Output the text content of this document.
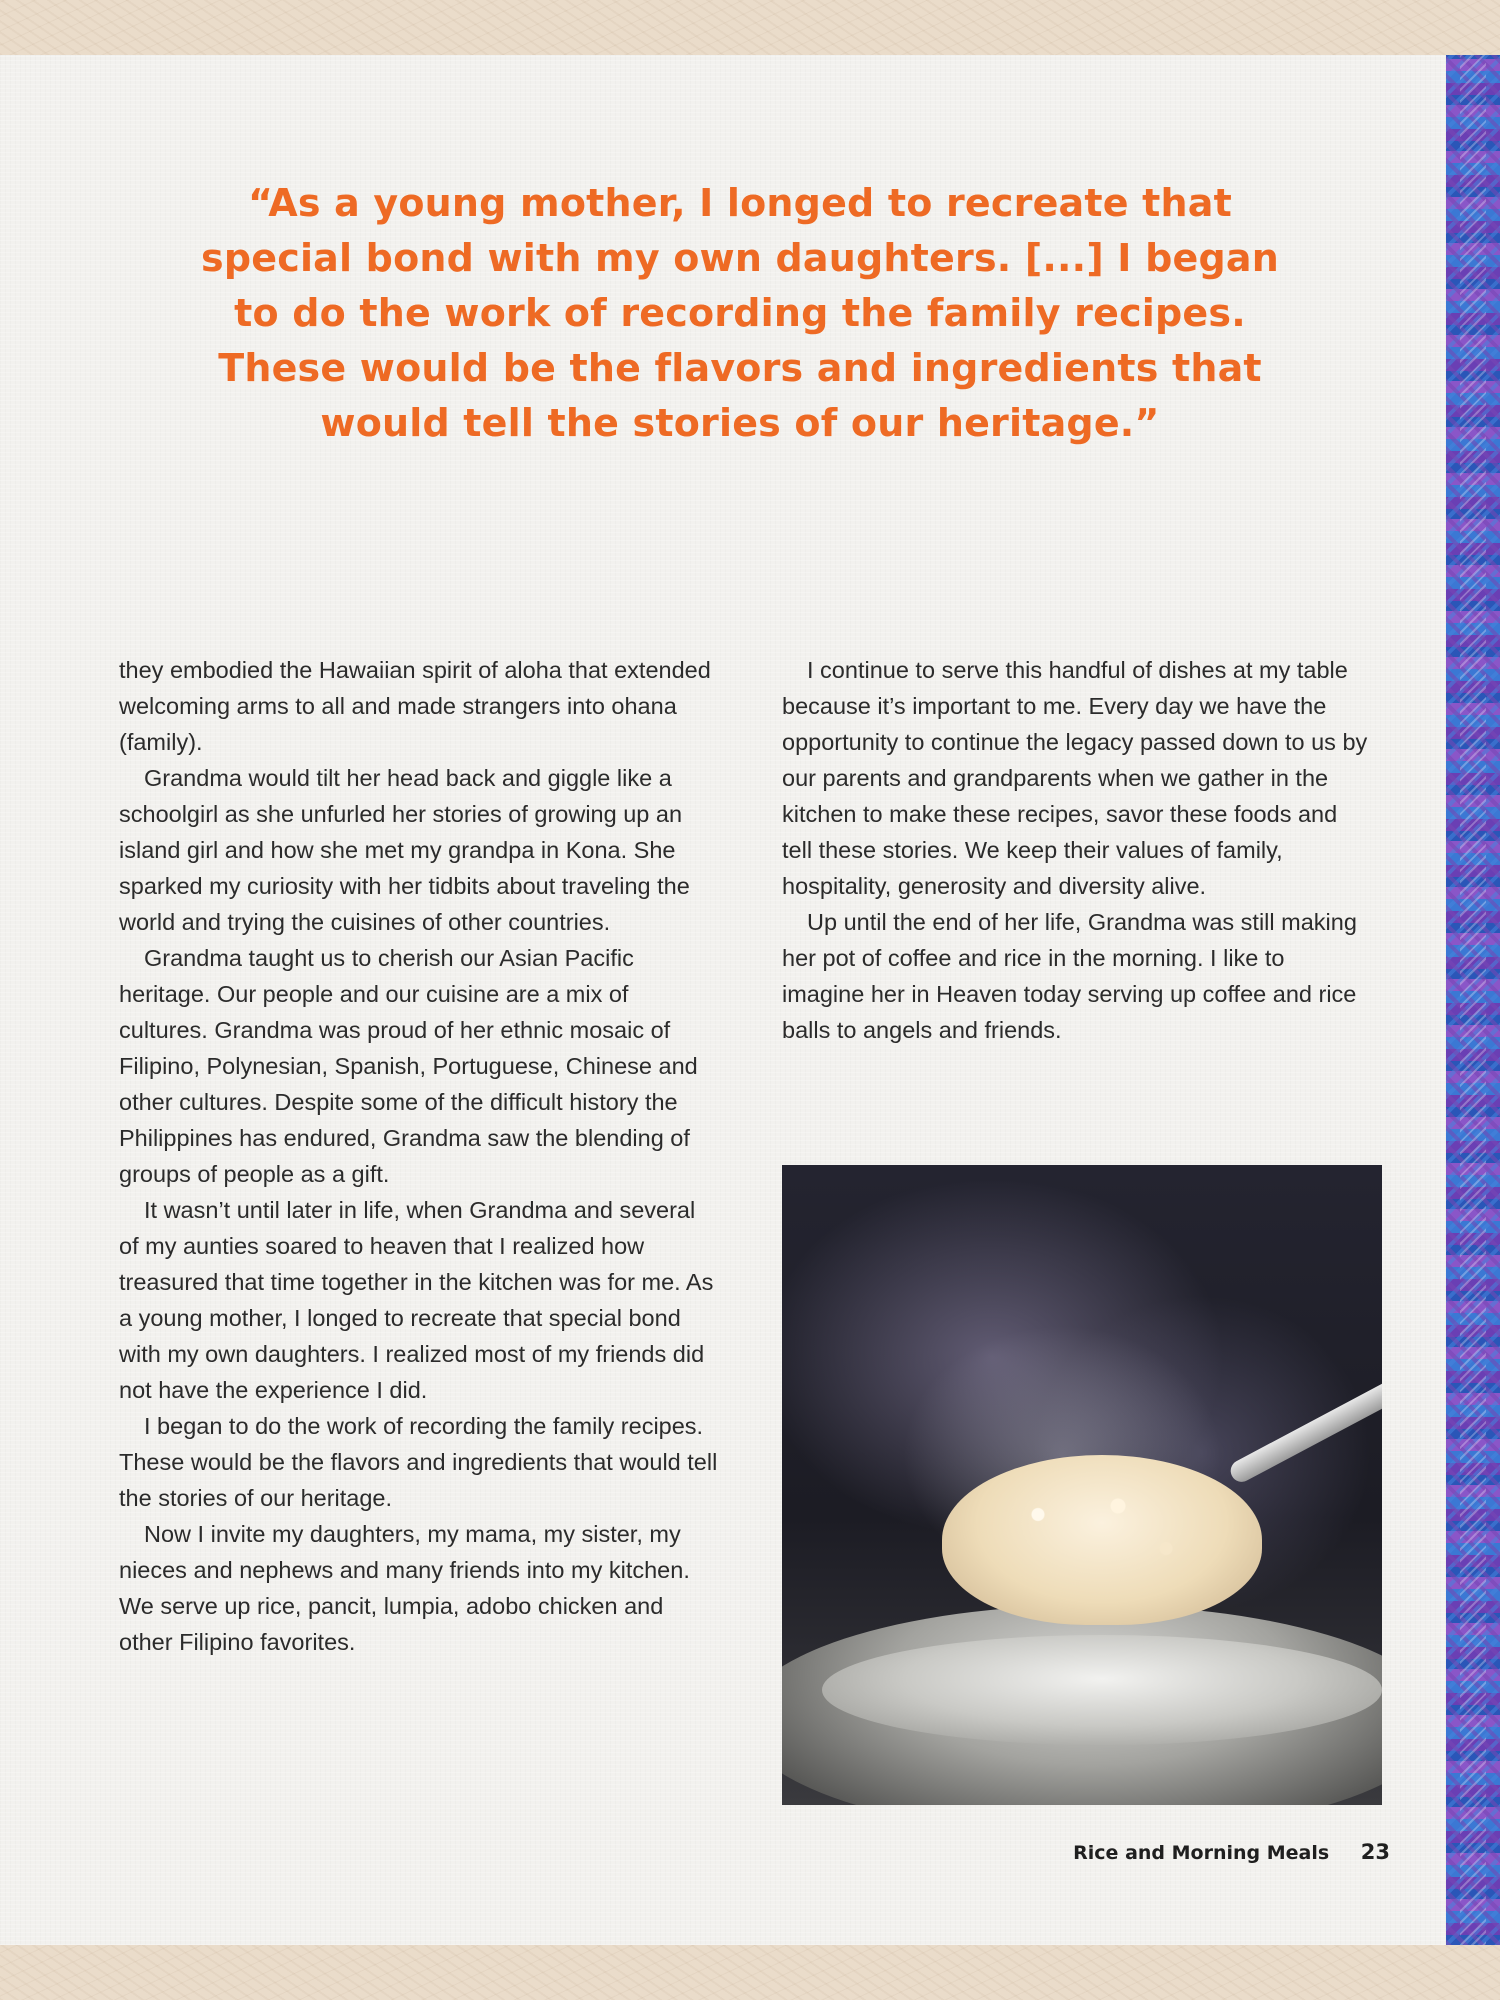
“As a young mother, I longed to recreate that special bond with my own daughters. [...] I began to do the work of recording the family recipes. These would be the flavors and ingredients that would tell the stories of our heritage.”

they embodied the Hawaiian spirit of aloha that extended welcoming arms to all and made strangers into ohana (family).

Grandma would tilt her head back and giggle like a schoolgirl as she unfurled her stories of growing up an island girl and how she met my grandpa in Kona. She sparked my curiosity with her tidbits about traveling the world and trying the cuisines of other countries.

Grandma taught us to cherish our Asian Pacific heritage. Our people and our cuisine are a mix of cultures. Grandma was proud of her ethnic mosaic of Filipino, Polynesian, Spanish, Portuguese, Chinese and other cultures. Despite some of the difficult history the Philippines has endured, Grandma saw the blending of groups of people as a gift.

It wasn’t until later in life, when Grandma and several of my aunties soared to heaven that I realized how treasured that time together in the kitchen was for me. As a young mother, I longed to recreate that special bond with my own daughters. I realized most of my friends did not have the experience I did.

I began to do the work of recording the family recipes. These would be the flavors and ingredients that would tell the stories of our heritage.

Now I invite my daughters, my mama, my sister, my nieces and nephews and many friends into my kitchen. We serve up rice, pancit, lumpia, adobo chicken and other Filipino favorites.

I continue to serve this handful of dishes at my table because it’s important to me. Every day we have the opportunity to continue the legacy passed down to us by our parents and grandparents when we gather in the kitchen to make these recipes, savor these foods and tell these stories. We keep their values of family, hospitality, generosity and diversity alive.

Up until the end of her life, Grandma was still making her pot of coffee and rice in the morning. I like to imagine her in Heaven today serving up coffee and rice balls to angels and friends.

Rice and Morning Meals 23
